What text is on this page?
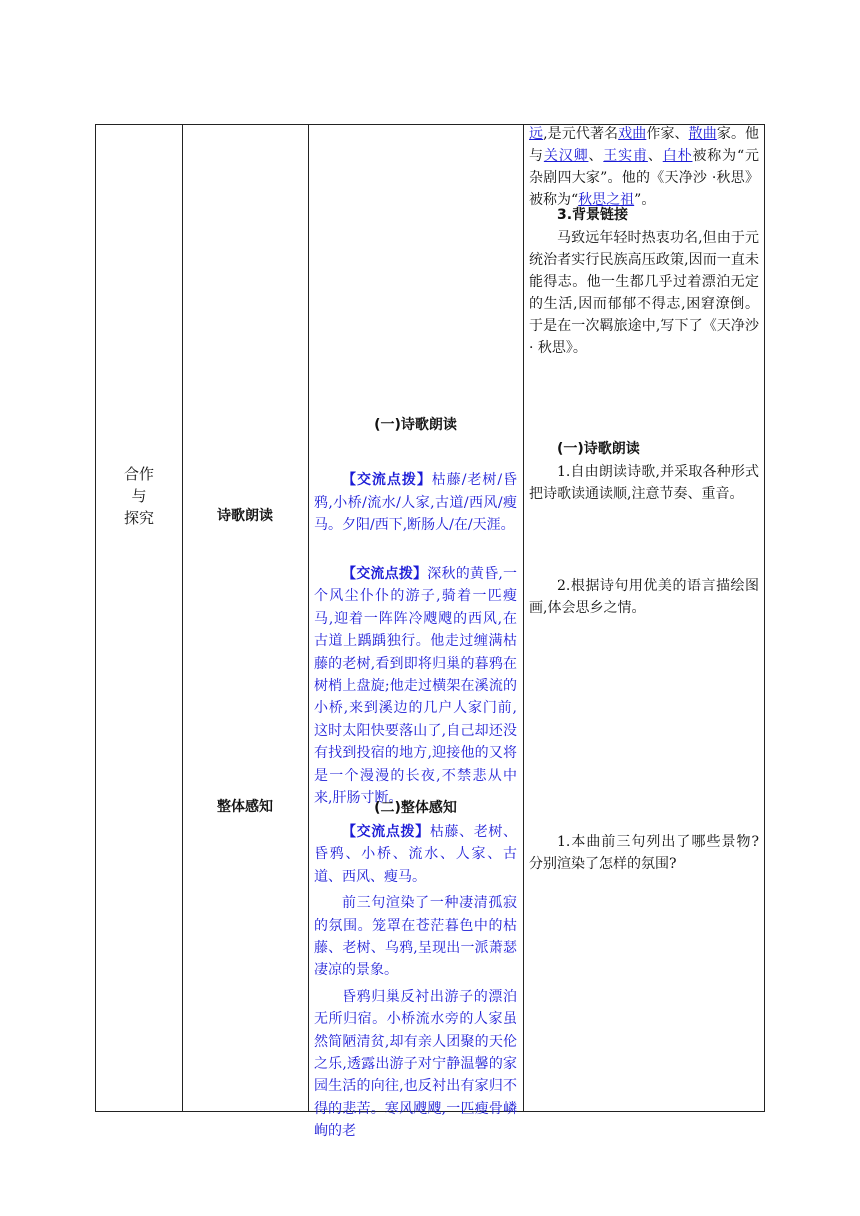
合作
与
探究	诗歌朗读
整体感知
(一)诗歌朗读

【交流点拨】枯藤/老树/昏鸦,小桥/流水/人家,古道/西风/瘦马。夕阳/西下,断肠人/在/天涯。

【交流点拨】深秋的黄昏,一个风尘仆仆的游子,骑着一匹瘦马,迎着一阵阵冷飕飕的西风,在古道上踽踽独行。他走过缠满枯藤的老树,看到即将归巢的暮鸦在树梢上盘旋;他走过横架在溪流的小桥,来到溪边的几户人家门前,这时太阳快要落山了,自己却还没有找到投宿的地方,迎接他的又将是一个漫漫的长夜,不禁悲从中来,肝肠寸断。

(二)整体感知

【交流点拨】枯藤、老树、昏鸦、小桥、流水、人家、古道、西风、瘦马。

前三句渲染了一种凄清孤寂的氛围。笼罩在苍茫暮色中的枯藤、老树、乌鸦,呈现出一派萧瑟凄凉的景象。

昏鸦归巢反衬出游子的漂泊无所归宿。小桥流水旁的人家虽然简陋清贫,却有亲人团聚的天伦之乐,透露出游子对宁静温馨的家园生活的向往,也反衬出有家归不得的悲苦。寒风飕飕,一匹瘦骨嶙峋的老

远,是元代著名戏曲作家、散曲家。他与关汉卿、王实甫、白朴被称为“元杂剧四大家”。他的《天净沙 ·秋思》被称为“秋思之祖”。

3.背景链接

马致远年轻时热衷功名,但由于元统治者实行民族高压政策,因而一直未能得志。他一生都几乎过着漂泊无定的生活,因而郁郁不得志,困窘潦倒。于是在一次羁旅途中,写下了《天净沙 · 秋思》。

(一)诗歌朗读

1.自由朗读诗歌,并采取各种形式把诗歌读通读顺,注意节奏、重音。

2.根据诗句用优美的语言描绘图画,体会思乡之情。

1.本曲前三句列出了哪些景物?分别渲染了怎样的氛围?
